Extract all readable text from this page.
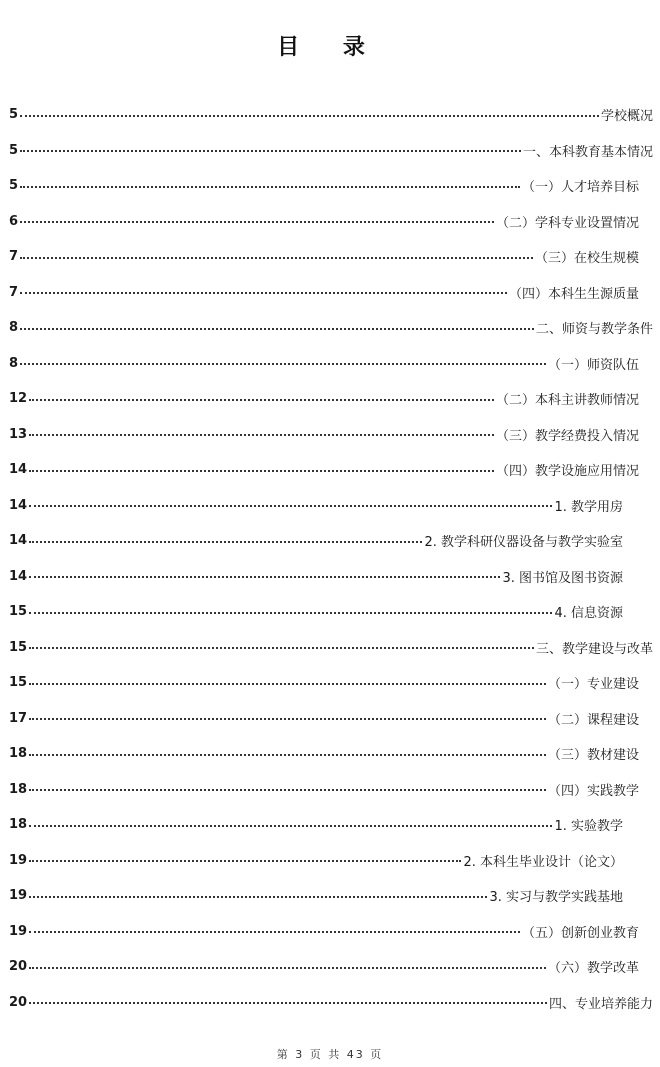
目 录
学校概况
5
一、本科教育基本情况
5
（一）人才培养目标
5
（二）学科专业设置情况
6
（三）在校生规模
7
（四）本科生生源质量
7
二、师资与教学条件
8
（一）师资队伍
8
（二）本科主讲教师情况
12
（三）教学经费投入情况
13
（四）教学设施应用情况
14
1. 教学用房
14
2. 教学科研仪器设备与教学实验室
14
3. 图书馆及图书资源
14
4. 信息资源
15
三、教学建设与改革
15
（一）专业建设
15
（二）课程建设
17
（三）教材建设
18
（四）实践教学
18
1. 实验教学
18
2. 本科生毕业设计（论文）
19
3. 实习与教学实践基地
19
（五）创新创业教育
19
（六）教学改革
20
四、专业培养能力
20
第 3 页 共 43 页
